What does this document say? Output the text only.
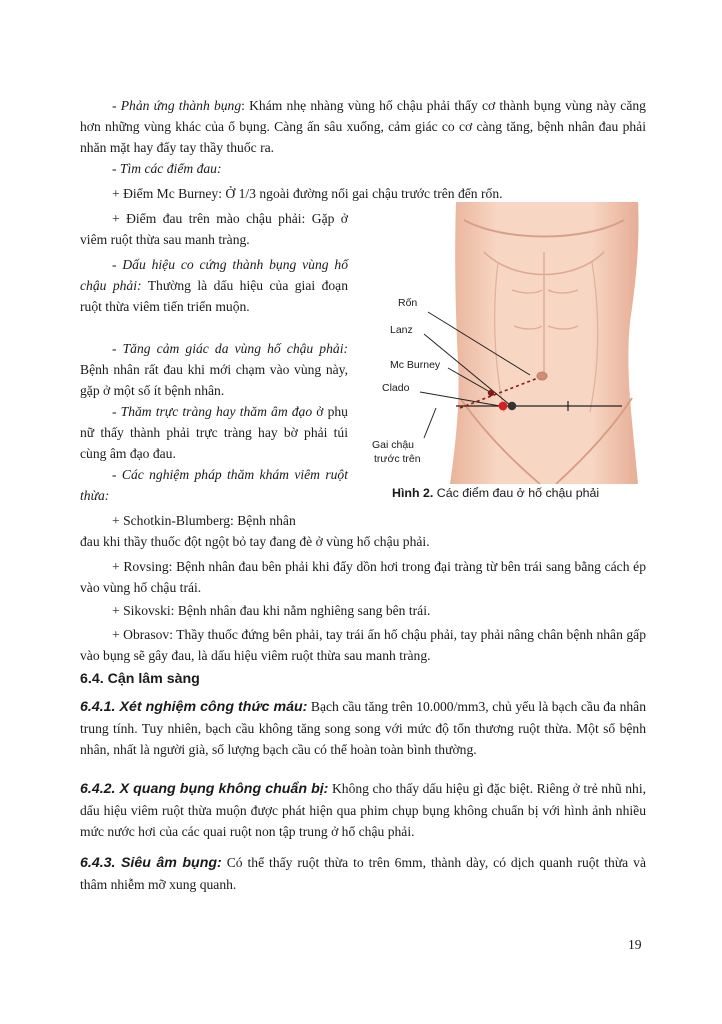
- Phản ứng thành bụng: Khám nhẹ nhàng vùng hố chậu phải thấy cơ thành bụng vùng này căng hơn những vùng khác của ổ bụng. Càng ấn sâu xuống, cảm giác co cơ càng tăng, bệnh nhân đau phải nhăn mặt hay đẩy tay thầy thuốc ra.

- Tìm các điểm đau:

+ Điểm Mc Burney: Ở 1/3 ngoài đường nối gai chậu trước trên đến rốn.

+ Điểm đau trên mào chậu phải: Gặp ở viêm ruột thừa sau manh tràng.

- Dấu hiệu co cứng thành bụng vùng hố chậu phải: Thường là dấu hiệu của giai đoạn ruột thừa viêm tiến triển muộn.

- Tăng cảm giác da vùng hố chậu phải: Bệnh nhân rất đau khi mới chạm vào vùng này, gặp ở một số ít bệnh nhân.

- Thăm trực tràng hay thăm âm đạo ở phụ nữ thấy thành phải trực tràng hay bờ phải túi cùng âm đạo đau.

- Các nghiệm pháp thăm khám viêm ruột thừa:

+ Schotkin-Blumberg: Bệnh nhân

đau khi thầy thuốc đột ngột bỏ tay đang đè ở vùng hố chậu phải.

+ Rovsing: Bệnh nhân đau bên phải khi đẩy dồn hơi trong đại tràng từ bên trái sang bằng cách ép vào vùng hố chậu trái.

+ Sikovski: Bệnh nhân đau khi nằm nghiêng sang bên trái.

+ Obrasov: Thầy thuốc đứng bên phải, tay trái ấn hố chậu phải, tay phải nâng chân bệnh nhân gấp vào bụng sẽ gây đau, là dấu hiệu viêm ruột thừa sau manh tràng.

6.4. Cận lâm sàng

6.4.1. Xét nghiệm công thức máu: Bạch cầu tăng trên 10.000/mm3, chủ yếu là bạch cầu đa nhân trung tính. Tuy nhiên, bạch cầu không tăng song song với mức độ tổn thương ruột thừa. Một số bệnh nhân, nhất là người già, số lượng bạch cầu có thể hoàn toàn bình thường.

6.4.2. X quang bụng không chuẩn bị: Không cho thấy dấu hiệu gì đặc biệt. Riêng ở trẻ nhũ nhi, dấu hiệu viêm ruột thừa muộn được phát hiện qua phim chụp bụng không chuẩn bị với hình ảnh nhiều mức nước hơi của các quai ruột non tập trung ở hố chậu phải.

6.4.3. Siêu âm bụng: Có thể thấy ruột thừa to trên 6mm, thành dày, có dịch quanh ruột thừa và thâm nhiễm mỡ xung quanh.

Rốn
Lanz
Mc Burney
Clado
Gai chậu
trước trên
Hình 2. Các điểm đau ở hố chậu phải
19
